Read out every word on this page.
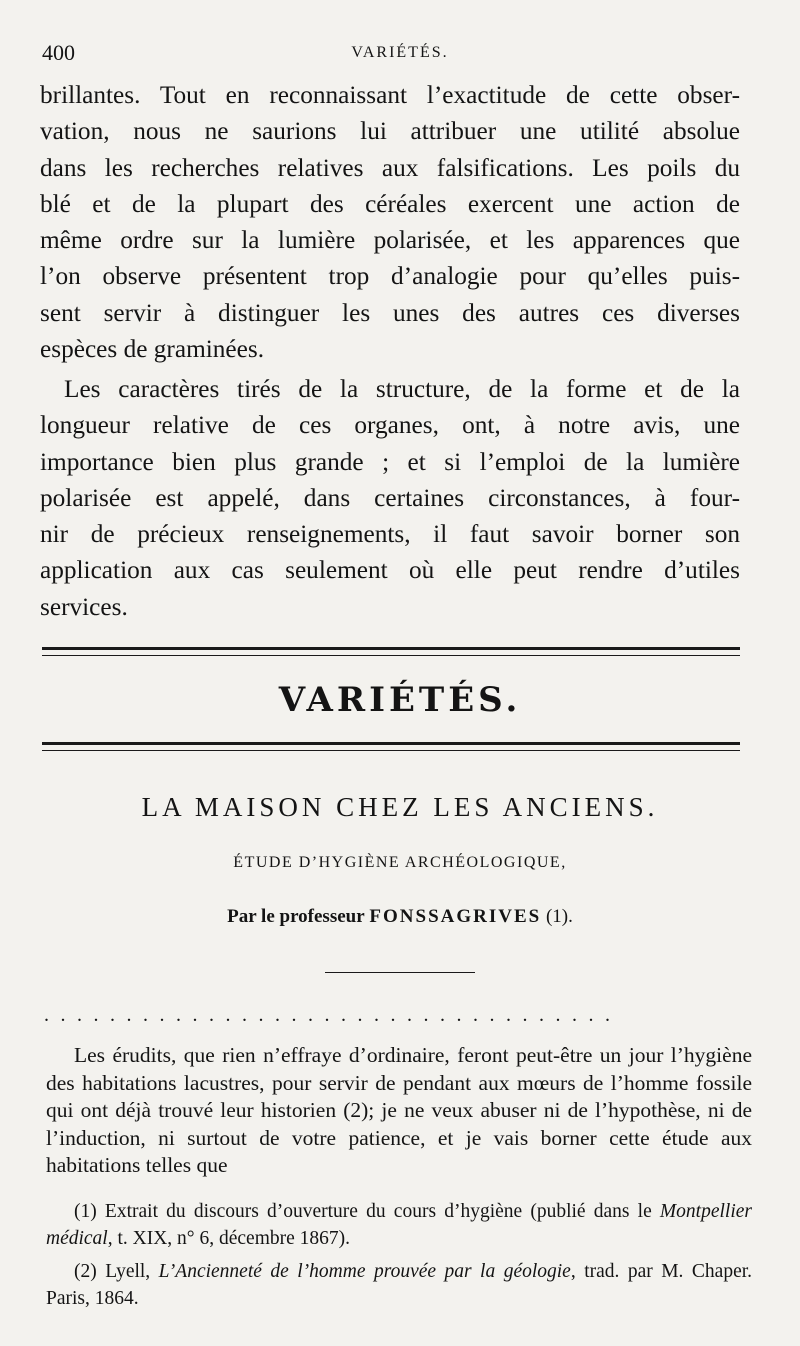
400	VARIÉTÉS.
brillantes. Tout en reconnaissant l’exactitude de cette obser-
vation, nous ne saurions lui attribuer une utilité absolue
dans les recherches relatives aux falsifications. Les poils du
blé et de la plupart des céréales exercent une action de
même ordre sur la lumière polarisée, et les apparences que
l’on observe présentent trop d’analogie pour qu’elles puis-
sent servir à distinguer les unes des autres ces diverses
espèces de graminées.
Les caractères tirés de la structure, de la forme et de la
longueur relative de ces organes, ont, à notre avis, une
importance bien plus grande ; et si l’emploi de la lumière
polarisée est appelé, dans certaines circonstances, à four-
nir de précieux renseignements, il faut savoir borner son
application aux cas seulement où elle peut rendre d’utiles
services.
VARIÉTÉS.
LA MAISON CHEZ LES ANCIENS.
ÉTUDE D’HYGIÈNE ARCHÉOLOGIQUE,
Par le professeur FONSSAGRIVES (1).
...................................

Les érudits, que rien n’effraye d’ordinaire, feront peut-être un jour l’hygiène des habitations lacustres, pour servir de pendant aux mœurs de l’homme fossile qui ont déjà trouvé leur historien (2); je ne veux abuser ni de l’hypothèse, ni de l’induction, ni surtout de votre patience, et je vais borner cette étude aux habitations telles que

(1) Extrait du discours d’ouverture du cours d’hygiène (publié dans le Montpellier médical, t. XIX, n° 6, décembre 1867).

(2) Lyell, L’Ancienneté de l’homme prouvée par la géologie, trad. par M. Chaper. Paris, 1864.
